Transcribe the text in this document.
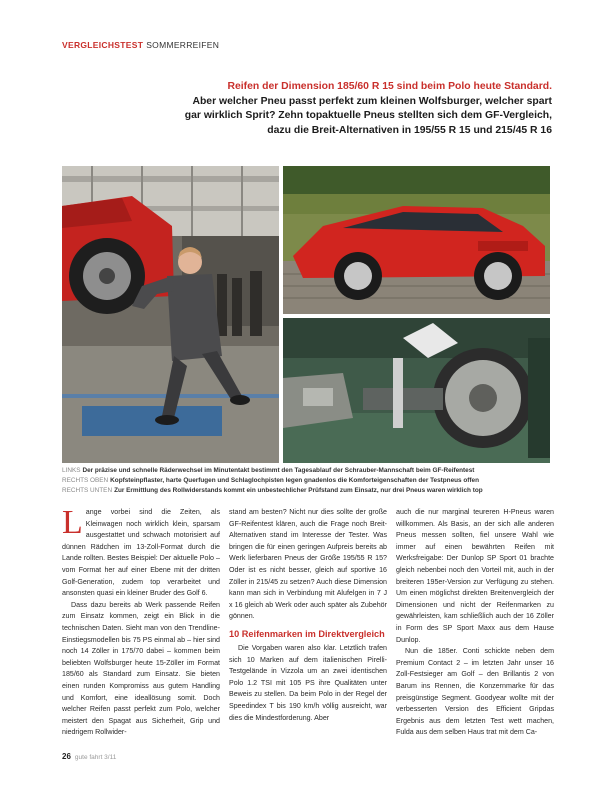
VERGLEICHSTEST SOMMERREIFEN
Reifen der Dimension 185/60 R 15 sind beim Polo heute Standard.
Aber welcher Pneu passt perfekt zum kleinen Wolfsburger, welcher spart
gar wirklich Sprit? Zehn topaktuelle Pneus stellten sich dem GF-Vergleich,
dazu die Breit-Alternativen in 195/55 R 15 und 215/45 R 16
LINKS Der präzise und schnelle Räderwechsel im Minutentakt bestimmt den Tagesablauf der Schrauber-Mannschaft beim GF-Reifentest
RECHTS OBEN Kopfsteinpflaster, harte Querfugen und Schlaglochpisten legen gnadenlos die Komforteigenschaften der Testpneus offen
RECHTS UNTEN Zur Ermittlung des Rollwiderstands kommt ein unbestechlicher Prüfstand zum Einsatz, nur drei Pneus waren wirklich top

Lange vorbei sind die Zeiten, als Kleinwagen noch wirklich klein, sparsam ausgestattet und schwach motorisiert auf dünnen Rädchen im 13-Zoll-Format durch die Lande rollten. Bestes Beispiel: Der aktuelle Polo – vom Format her auf einer Ebene mit der dritten Golf-Generation, zudem top verarbeitet und ansonsten quasi ein kleiner Bruder des Golf 6.

Dass dazu bereits ab Werk passende Reifen zum Einsatz kommen, zeigt ein Blick in die technischen Daten. Sieht man von den Trendline-Einstiegsmodellen bis 75 PS einmal ab – hier sind noch 14 Zöller in 175/70 dabei – kommen beim beliebten Wolfsburger heute 15-Zöller im Format 185/60 als Standard zum Einsatz. Sie bieten einen runden Kompromiss aus gutem Handling und Komfort, eine ideallösung somit. Doch welcher Reifen passt perfekt zum Polo, welcher meistert den Spagat aus Sicherheit, Grip und niedrigem Rollwider-

stand am besten? Nicht nur dies sollte der große GF-Reifentest klären, auch die Frage noch Breit-Alternativen stand im Interesse der Tester. Was bringen die für einen geringen Aufpreis bereits ab Werk lieferbaren Pneus der Größe 195/55 R 15? Oder ist es nicht besser, gleich auf sportive 16 Zöller in 215/45 zu setzen? Auch diese Dimension kann man sich in Verbindung mit Alufelgen in 7 J x 16 gleich ab Werk oder auch später als Zubehör gönnen.

10 Reifenmarken im Direktvergleich

Die Vorgaben waren also klar. Letztlich trafen sich 10 Marken auf dem italienischen Pirelli-Testgelände in Vizzola um an zwei identischen Polo 1.2 TSI mit 105 PS ihre Qualitäten unter Beweis zu stellen. Da beim Polo in der Regel der Speedindex T bis 190 km/h völlig ausreicht, war dies die Mindestforderung. Aber

auch die nur marginal teureren H-Pneus waren willkommen. Als Basis, an der sich alle anderen Pneus messen sollten, fiel unsere Wahl wie immer auf einen bewährten Reifen mit Werksfreigabe: Der Dunlop SP Sport 01 brachte gleich nebenbei noch den Vorteil mit, auch in der breiteren 195er-Version zur Verfügung zu stehen. Um einen möglichst direkten Breitenvergleich der Dimensionen und nicht der Reifenmarken zu gewährleisten, kam schließlich auch der 16 Zöller in Form des SP Sport Maxx aus dem Hause Dunlop.

Nun die 185er. Conti schickte neben dem Premium Contact 2 – im letzten Jahr unser 16 Zoll-Festsieger am Golf – den Brillantis 2 von Barum ins Rennen, die Konzernmarke für das preisgünstige Segment. Goodyear wollte mit der verbesserten Version des Efficient Gripdas Ergebnis aus dem letzten Test wett machen, Fulda aus dem selben Haus trat mit dem Ca-

26 gute fahrt 3/11
